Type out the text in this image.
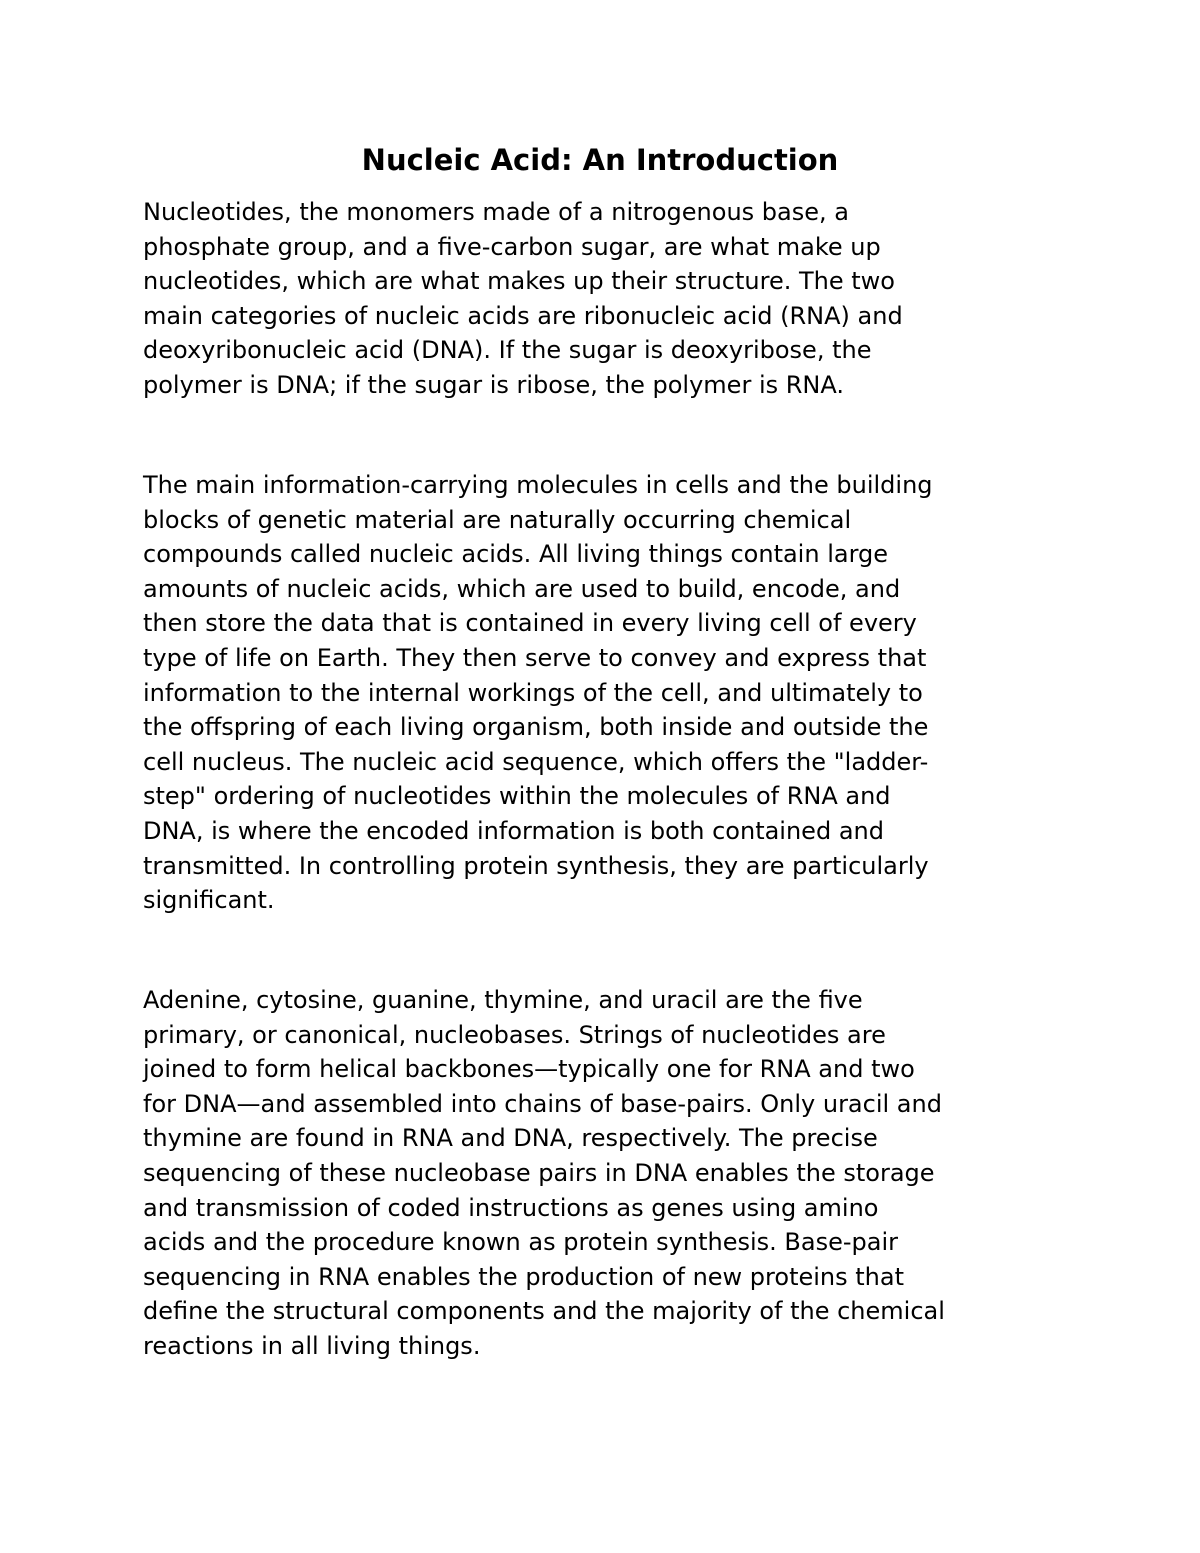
Nucleic Acid: An Introduction

Nucleotides, the monomers made of a nitrogenous base, a
phosphate group, and a five-carbon sugar, are what make up
nucleotides, which are what makes up their structure. The two
main categories of nucleic acids are ribonucleic acid (RNA) and
deoxyribonucleic acid (DNA). If the sugar is deoxyribose, the
polymer is DNA; if the sugar is ribose, the polymer is RNA.

The main information-carrying molecules in cells and the building
blocks of genetic material are naturally occurring chemical
compounds called nucleic acids. All living things contain large
amounts of nucleic acids, which are used to build, encode, and
then store the data that is contained in every living cell of every
type of life on Earth. They then serve to convey and express that
information to the internal workings of the cell, and ultimately to
the offspring of each living organism, both inside and outside the
cell nucleus. The nucleic acid sequence, which offers the "ladder-
step" ordering of nucleotides within the molecules of RNA and
DNA, is where the encoded information is both contained and
transmitted. In controlling protein synthesis, they are particularly
significant.

Adenine, cytosine, guanine, thymine, and uracil are the five
primary, or canonical, nucleobases. Strings of nucleotides are
joined to form helical backbones—typically one for RNA and two
for DNA—and assembled into chains of base-pairs. Only uracil and
thymine are found in RNA and DNA, respectively. The precise
sequencing of these nucleobase pairs in DNA enables the storage
and transmission of coded instructions as genes using amino
acids and the procedure known as protein synthesis. Base-pair
sequencing in RNA enables the production of new proteins that
define the structural components and the majority of the chemical
reactions in all living things.
